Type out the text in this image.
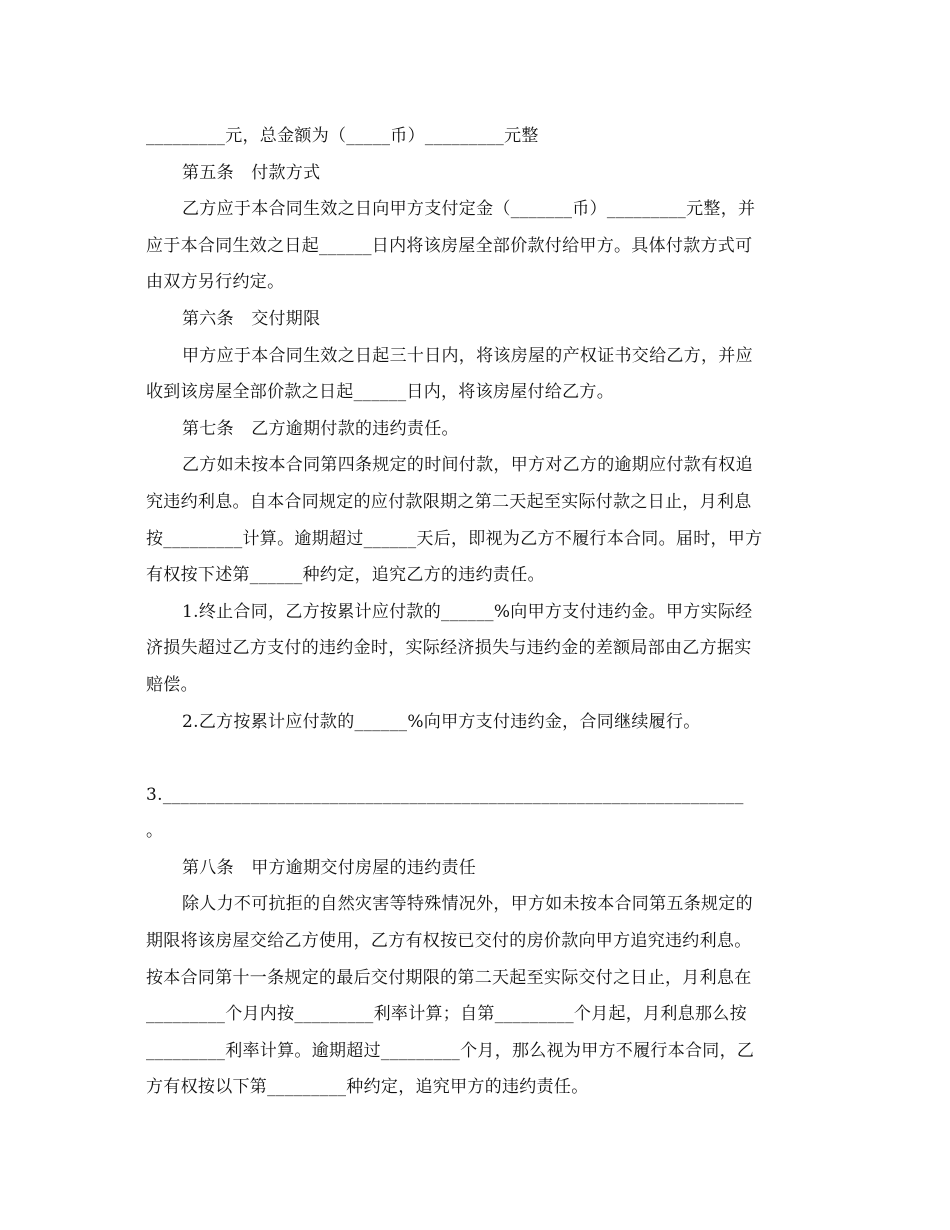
_________元，总金额为（_____币）_________元整
第五条　付款方式
乙方应于本合同生效之日向甲方支付定金（_______币）_________元整，并
应于本合同生效之日起______日内将该房屋全部价款付给甲方。具体付款方式可
由双方另行约定。
第六条　交付期限
甲方应于本合同生效之日起三十日内，将该房屋的产权证书交给乙方，并应
收到该房屋全部价款之日起______日内，将该房屋付给乙方。
第七条　乙方逾期付款的违约责任。
乙方如未按本合同第四条规定的时间付款，甲方对乙方的逾期应付款有权追
究违约利息。自本合同规定的应付款限期之第二天起至实际付款之日止，月利息
按_________计算。逾期超过______天后，即视为乙方不履行本合同。届时，甲方
有权按下述第______种约定，追究乙方的违约责任。
1.终止合同，乙方按累计应付款的______%向甲方支付违约金。甲方实际经
济损失超过乙方支付的违约金时，实际经济损失与违约金的差额局部由乙方据实
赔偿。
2.乙方按累计应付款的______%向甲方支付违约金，合同继续履行。
3.__________________________________________________________________
。
第八条　甲方逾期交付房屋的违约责任
除人力不可抗拒的自然灾害等特殊情况外，甲方如未按本合同第五条规定的
期限将该房屋交给乙方使用，乙方有权按已交付的房价款向甲方追究违约利息。
按本合同第十一条规定的最后交付期限的第二天起至实际交付之日止，月利息在
_________个月内按_________利率计算；自第_________个月起，月利息那么按
_________利率计算。逾期超过_________个月，那么视为甲方不履行本合同，乙
方有权按以下第_________种约定，追究甲方的违约责任。
